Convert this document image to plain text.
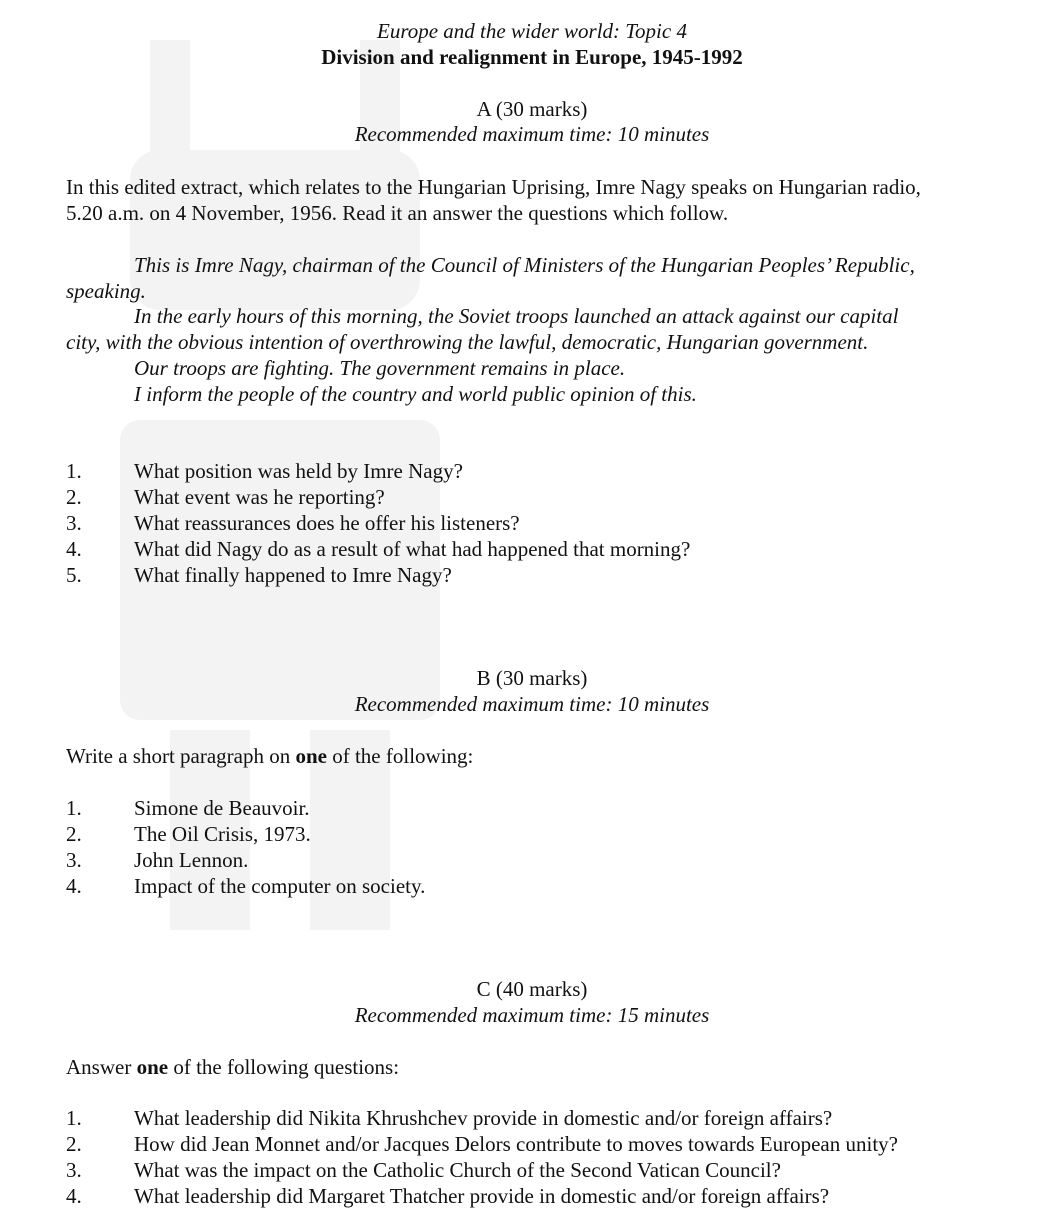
Europe and the wider world: Topic 4
Division and realignment in Europe, 1945-1992
A (30 marks)
Recommended maximum time: 10 minutes
In this edited extract, which relates to the Hungarian Uprising, Imre Nagy speaks on Hungarian radio,
5.20 a.m. on 4 November, 1956. Read it an answer the questions which follow.
This is Imre Nagy, chairman of the Council of Ministers of the Hungarian Peoples’ Republic,
speaking.
In the early hours of this morning, the Soviet troops launched an attack against our capital
city, with the obvious intention of overthrowing the lawful, democratic, Hungarian government.
Our troops are fighting. The government remains in place.
I inform the people of the country and world public opinion of this.
1.	What position was held by Imre Nagy?
2.	What event was he reporting?
3.	What reassurances does he offer his listeners?
4.	What did Nagy do as a result of what had happened that morning?
5.	What finally happened to Imre Nagy?
B (30 marks)
Recommended maximum time: 10 minutes
Write a short paragraph on one of the following:
1.	Simone de Beauvoir.
2.	The Oil Crisis, 1973.
3.	John Lennon.
4.	Impact of the computer on society.
C (40 marks)
Recommended maximum time: 15 minutes
Answer one of the following questions:
1.	What leadership did Nikita Khrushchev provide in domestic and/or foreign affairs?
2.	How did Jean Monnet and/or Jacques Delors contribute to moves towards European unity?
3.	What was the impact on the Catholic Church of the Second Vatican Council?
4.	What leadership did Margaret Thatcher provide in domestic and/or foreign affairs?
